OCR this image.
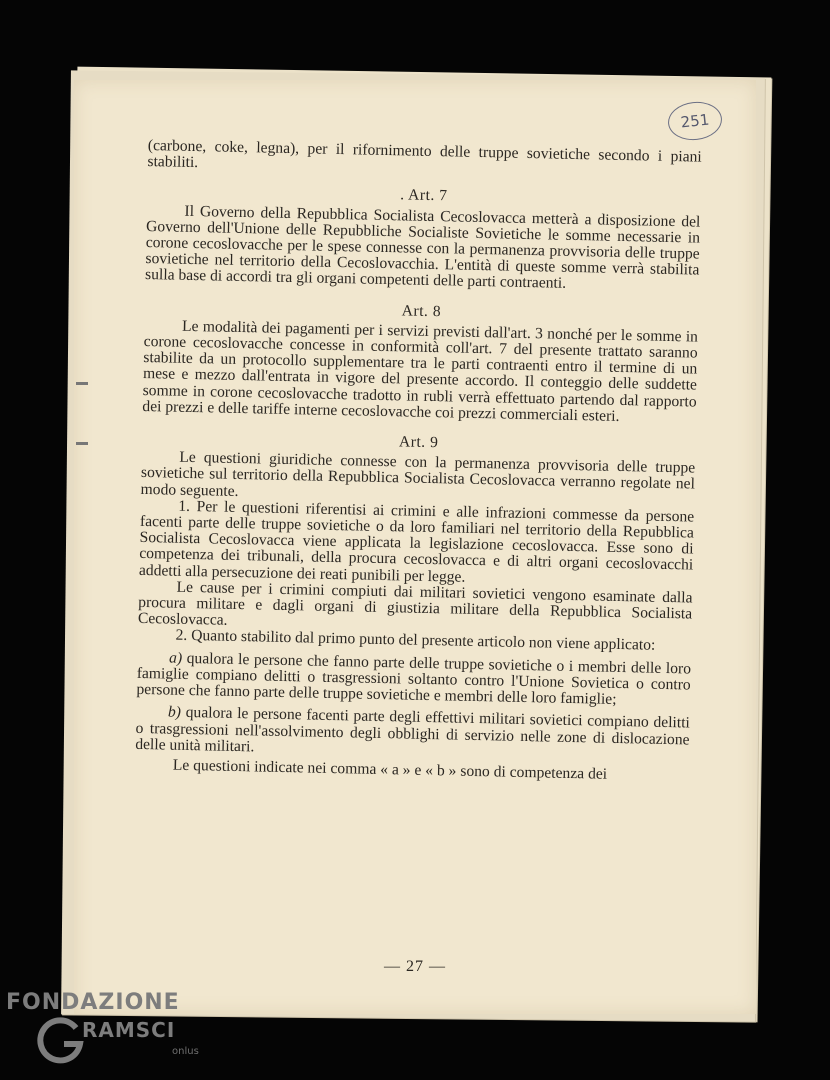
251

(carbone, coke, legna), per il rifornimento delle truppe sovietiche secondo i piani stabiliti.

. Art. 7

Il Governo della Repubblica Socialista Cecoslovacca metterà a disposizione del Governo dell'Unione delle Repubbliche Socialiste Sovietiche le somme necessarie in corone cecoslovacche per le spese connesse con la permanenza provvisoria delle truppe sovietiche nel territorio della Cecoslovacchia. L'entità di queste somme verrà stabilita sulla base di accordi tra gli organi competenti delle parti contraenti.

Art. 8

Le modalità dei pagamenti per i servizi previsti dall'art. 3 nonché per le somme in corone cecoslovacche concesse in conformità coll'art. 7 del presente trattato saranno stabilite da un protocollo supplementare tra le parti contraenti entro il termine di un mese e mezzo dall'entrata in vigore del presente accordo. Il conteggio delle suddette somme in corone cecoslovacche tradotto in rubli verrà effettuato partendo dal rapporto dei prezzi e delle tariffe interne cecoslovacche coi prezzi commerciali esteri.

Art. 9

Le questioni giuridiche connesse con la permanenza provvisoria delle truppe sovietiche sul territorio della Repubblica Socialista Cecoslovacca verranno regolate nel modo seguente.

1. Per le questioni riferentisi ai crimini e alle infrazioni commesse da persone facenti parte delle truppe sovietiche o da loro familiari nel territorio della Repubblica Socialista Cecoslovacca viene applicata la legislazione cecoslovacca. Esse sono di competenza dei tribunali, della procura cecoslovacca e di altri organi cecoslovacchi addetti alla persecuzione dei reati punibili per legge.

Le cause per i crimini compiuti dai militari sovietici vengono esaminate dalla procura militare e dagli organi di giustizia militare della Repubblica Socialista Cecoslovacca.

2. Quanto stabilito dal primo punto del presente articolo non viene applicato:

a) qualora le persone che fanno parte delle truppe sovietiche o i membri delle loro famiglie compiano delitti o trasgressioni soltanto contro l'Unione Sovietica o contro persone che fanno parte delle truppe sovietiche e membri delle loro famiglie;

b) qualora le persone facenti parte degli effettivi militari sovietici compiano delitti o trasgressioni nell'assolvimento degli obblighi di servizio nelle zone di dislocazione delle unità militari.

Le questioni indicate nei comma « a » e « b » sono di competenza dei

— 27 —
FONDAZIONE
RAMSCI
onlus
